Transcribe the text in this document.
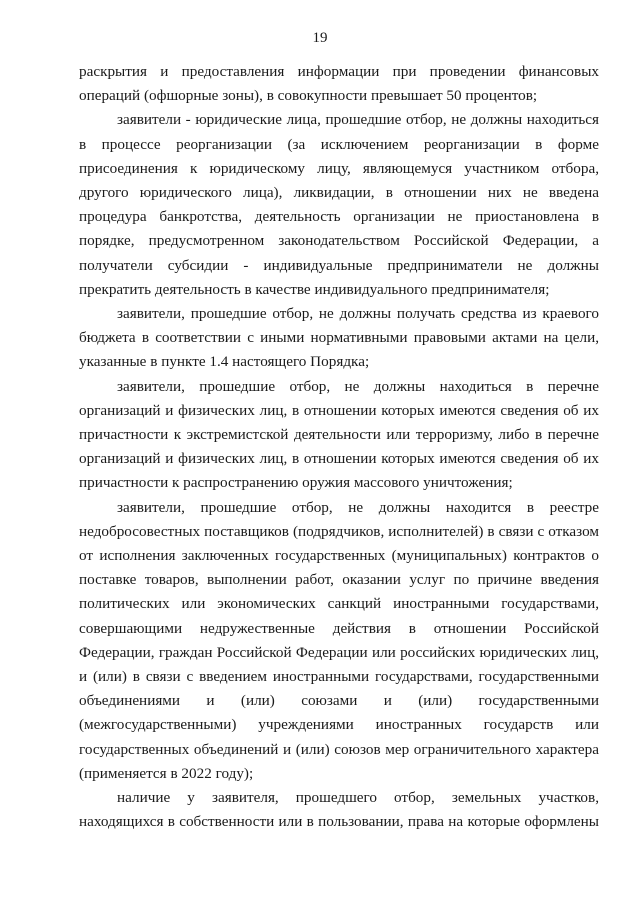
19

раскрытия и предоставления информации при проведении финансовых
операций (офшорные зоны), в совокупности превышает 50 процентов;

заявители - юридические лица, прошедшие отбор, не должны находиться
в процессе реорганизации (за исключением реорганизации в форме
присоединения к юридическому лицу, являющемуся участником отбора,
другого юридического лица), ликвидации, в отношении них не введена
процедура банкротства, деятельность организации не приостановлена в
порядке, предусмотренном законодательством Российской Федерации, а
получатели субсидии - индивидуальные предприниматели не должны
прекратить деятельность в качестве индивидуального предпринимателя;

заявители, прошедшие отбор, не должны получать средства из краевого
бюджета в соответствии с иными нормативными правовыми актами на цели,
указанные в пункте 1.4 настоящего Порядка;

заявители, прошедшие отбор, не должны находиться в перечне
организаций и физических лиц, в отношении которых имеются сведения об их
причастности к экстремистской деятельности или терроризму, либо в перечне
организаций и физических лиц, в отношении которых имеются сведения об их
причастности к распространению оружия массового уничтожения;

заявители, прошедшие отбор, не должны находится в реестре
недобросовестных поставщиков (подрядчиков, исполнителей) в связи с отказом
от исполнения заключенных государственных (муниципальных) контрактов о
поставке товаров, выполнении работ, оказании услуг по причине введения
политических или экономических санкций иностранными государствами,
совершающими недружественные действия в отношении Российской
Федерации, граждан Российской Федерации или российских юридических лиц,
и (или) в связи с введением иностранными государствами, государственными
объединениями и (или) союзами и (или) государственными
(межгосударственными) учреждениями иностранных государств или
государственных объединений и (или) союзов мер ограничительного характера
(применяется в 2022 году);

наличие у заявителя, прошедшего отбор, земельных участков,
находящихся в собственности или в пользовании, права на которые оформлены
